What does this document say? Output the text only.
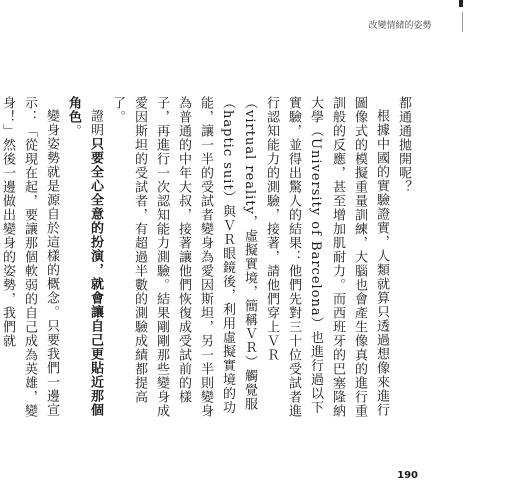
改變情緒的姿勢

都通通拋開呢？

根據中國的實驗證實，人類就算只透過想像來進行圖像式的模擬重量訓練，大腦也會產生像真的進行重訓般的反應，甚至增加肌耐力。而西班牙的巴塞隆納大學（University of Barcelona）也進行過以下實驗，並得出驚人的結果：他們先對三十位受試者進行認知能力的測驗，接著，請他們穿上ＶＲ（virtual reality，虛擬實境，簡稱ＶＲ）觸覺服（haptic suit）與ＶＲ眼鏡後，利用虛擬實境的功能，讓一半的受試者變身為愛因斯坦，另一半則變身為普通的中年大叔，接著讓他們恢復成受試前的樣子，再進行一次認知能力測驗。結果剛剛那些變身成愛因斯坦的受試者，有超過半數的測驗成績都提高了。

證明只要全心全意的扮演，就會讓自己更貼近那個角色。

變身姿勢就是源自於這樣的概念。只要我們一邊宣示：「從現在起，要讓那個軟弱的自己成為英雄，變身！」然後一邊做出變身的姿勢，我們就

190
